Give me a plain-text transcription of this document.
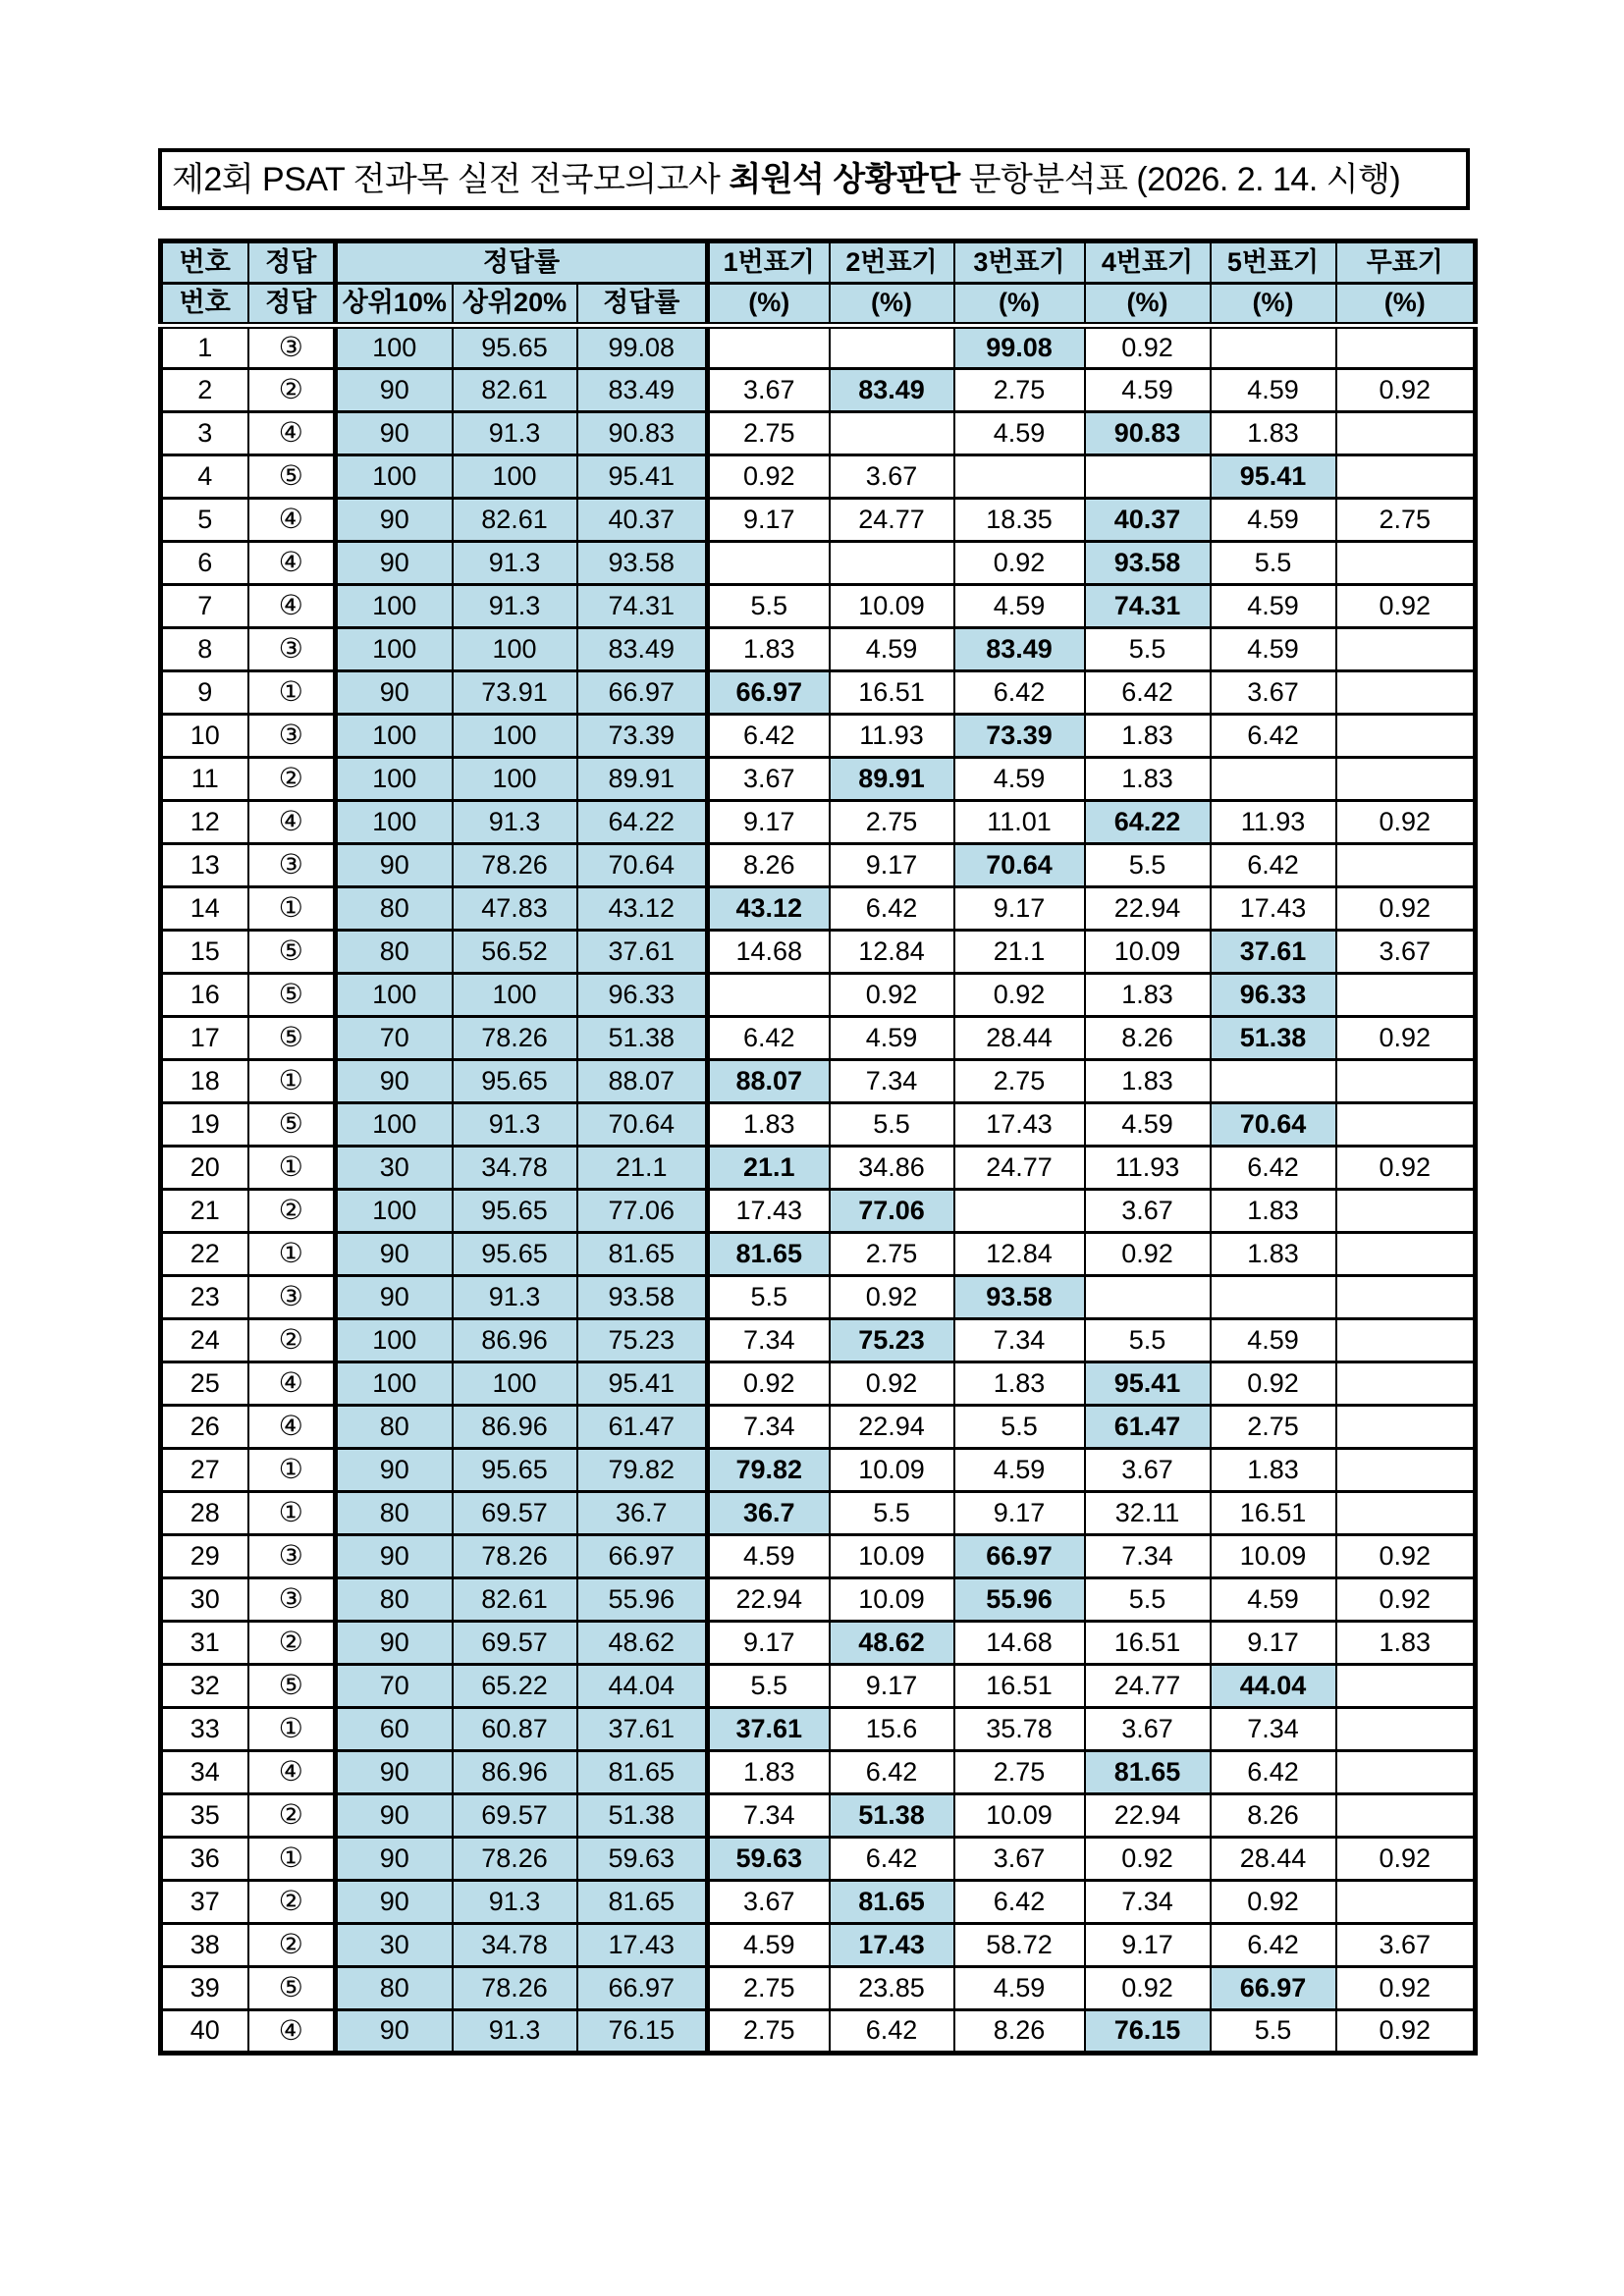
제2회 PSAT 전과목 실전 전국모의고사 최원석 상황판단 문항분석표 (2026. 2. 14. 시행)
번호	정답	정답률			1번표기	2번표기	3번표기	4번표기	5번표기	무표기
번호	정답	상위10%	상위20%	정답률	(%)	(%)	(%)	(%)	(%)	(%)
1	③	100	95.65	99.08			99.08	0.92		
2	②	90	82.61	83.49	3.67	83.49	2.75	4.59	4.59	0.92
3	④	90	91.3	90.83	2.75		4.59	90.83	1.83	
4	⑤	100	100	95.41	0.92	3.67			95.41	
5	④	90	82.61	40.37	9.17	24.77	18.35	40.37	4.59	2.75
6	④	90	91.3	93.58			0.92	93.58	5.5	
7	④	100	91.3	74.31	5.5	10.09	4.59	74.31	4.59	0.92
8	③	100	100	83.49	1.83	4.59	83.49	5.5	4.59	
9	①	90	73.91	66.97	66.97	16.51	6.42	6.42	3.67	
10	③	100	100	73.39	6.42	11.93	73.39	1.83	6.42	
11	②	100	100	89.91	3.67	89.91	4.59	1.83		
12	④	100	91.3	64.22	9.17	2.75	11.01	64.22	11.93	0.92
13	③	90	78.26	70.64	8.26	9.17	70.64	5.5	6.42	
14	①	80	47.83	43.12	43.12	6.42	9.17	22.94	17.43	0.92
15	⑤	80	56.52	37.61	14.68	12.84	21.1	10.09	37.61	3.67
16	⑤	100	100	96.33		0.92	0.92	1.83	96.33	
17	⑤	70	78.26	51.38	6.42	4.59	28.44	8.26	51.38	0.92
18	①	90	95.65	88.07	88.07	7.34	2.75	1.83		
19	⑤	100	91.3	70.64	1.83	5.5	17.43	4.59	70.64	
20	①	30	34.78	21.1	21.1	34.86	24.77	11.93	6.42	0.92
21	②	100	95.65	77.06	17.43	77.06		3.67	1.83	
22	①	90	95.65	81.65	81.65	2.75	12.84	0.92	1.83	
23	③	90	91.3	93.58	5.5	0.92	93.58			
24	②	100	86.96	75.23	7.34	75.23	7.34	5.5	4.59	
25	④	100	100	95.41	0.92	0.92	1.83	95.41	0.92	
26	④	80	86.96	61.47	7.34	22.94	5.5	61.47	2.75	
27	①	90	95.65	79.82	79.82	10.09	4.59	3.67	1.83	
28	①	80	69.57	36.7	36.7	5.5	9.17	32.11	16.51	
29	③	90	78.26	66.97	4.59	10.09	66.97	7.34	10.09	0.92
30	③	80	82.61	55.96	22.94	10.09	55.96	5.5	4.59	0.92
31	②	90	69.57	48.62	9.17	48.62	14.68	16.51	9.17	1.83
32	⑤	70	65.22	44.04	5.5	9.17	16.51	24.77	44.04	
33	①	60	60.87	37.61	37.61	15.6	35.78	3.67	7.34	
34	④	90	86.96	81.65	1.83	6.42	2.75	81.65	6.42	
35	②	90	69.57	51.38	7.34	51.38	10.09	22.94	8.26	
36	①	90	78.26	59.63	59.63	6.42	3.67	0.92	28.44	0.92
37	②	90	91.3	81.65	3.67	81.65	6.42	7.34	0.92	
38	②	30	34.78	17.43	4.59	17.43	58.72	9.17	6.42	3.67
39	⑤	80	78.26	66.97	2.75	23.85	4.59	0.92	66.97	0.92
40	④	90	91.3	76.15	2.75	6.42	8.26	76.15	5.5	0.92
